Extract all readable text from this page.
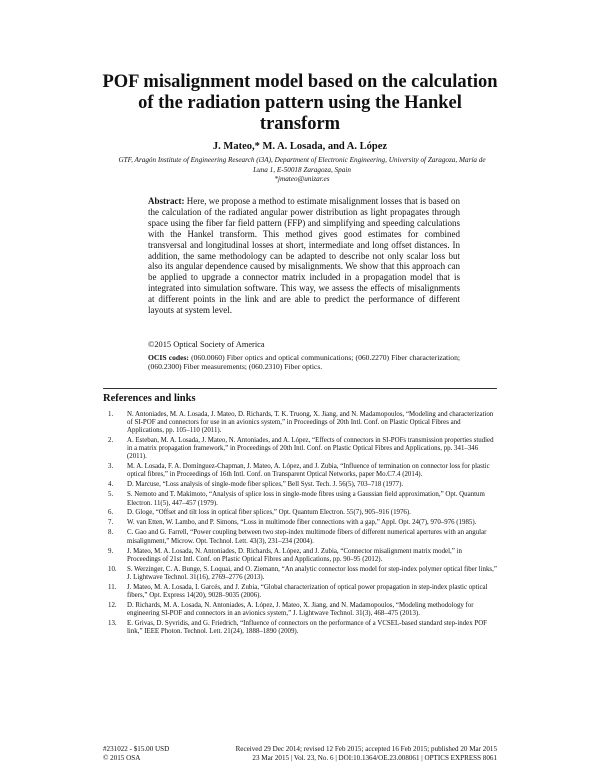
POF misalignment model based on the calculation of the radiation pattern using the Hankel transform
J. Mateo,* M. A. Losada, and A. López
GTF, Aragón Institute of Engineering Research (i3A), Department of Electronic Engineering, University of Zaragoza, María de Luna 1, E-50018 Zaragoza, Spain
*jmateo@unizar.es
Abstract: Here, we propose a method to estimate misalignment losses that is based on the calculation of the radiated angular power distribution as light propagates through space using the fiber far field pattern (FFP) and simplifying and speeding calculations with the Hankel transform. This method gives good estimates for combined transversal and longitudinal losses at short, intermediate and long offset distances. In addition, the same methodology can be adapted to describe not only scalar loss but also its angular dependence caused by misalignments. We show that this approach can be applied to upgrade a connector matrix included in a propagation model that is integrated into simulation software. This way, we assess the effects of misalignments at different points in the link and are able to predict the performance of different layouts at system level.
©2015 Optical Society of America
OCIS codes: (060.0060) Fiber optics and optical communications; (060.2270) Fiber characterization; (060.2300) Fiber measurements; (060.2310) Fiber optics.
References and links
1.	N. Antoniades, M. A. Losada, J. Mateo, D. Richards, T. K. Truong, X. Jiang, and N. Madamopoulos, “Modeling and characterization of SI-POF and connectors for use in an avionics system,” in Proceedings of 20th Intl. Conf. on Plastic Optical Fibres and Applications, pp. 105–110 (2011).
2.	A. Esteban, M. A. Losada, J. Mateo, N. Antoniades, and A. López, “Effects of connectors in SI-POFs transmission properties studied in a matrix propagation framework,” in Proceedings of 20th Intl. Conf. on Plastic Optical Fibres and Applications, pp. 341–346 (2011).
3.	M. A. Losada, F. A. Domínguez-Chapman, J. Mateo, A. López, and J. Zubia, “Influence of termination on connector loss for plastic optical fibres,” in Proceedings of 16th Intl. Conf. on Transparent Optical Networks, paper Mo.C7.4 (2014).
4.	D. Marcuse, “Loss analysis of single-mode fiber splices,” Bell Syst. Tech. J. 56(5), 703–718 (1977).
5.	S. Nemoto and T. Makimoto, “Analysis of splice loss in single-mode fibres using a Gaussian field approximation,” Opt. Quantum Electron. 11(5), 447–457 (1979).
6.	D. Gloge, “Offset and tilt loss in optical fiber splices,” Opt. Quantum Electron. 55(7), 905–916 (1976).
7.	W. van Etten, W. Lambo, and P. Simons, “Loss in multimode fiber connections with a gap,” Appl. Opt. 24(7), 970–976 (1985).
8.	C. Gao and G. Farrell, “Power coupling between two step-index multimode fibers of different numerical apertures with an angular misalignment,” Microw. Opt. Technol. Lett. 43(3), 231–234 (2004).
9.	J. Mateo, M. A. Losada, N. Antoniades, D. Richards, A. López, and J. Zubia, “Connector misalignment matrix model,” in Proceedings of 21st Intl. Conf. on Plastic Optical Fibres and Applications, pp. 90–95 (2012).
10.	S. Werzinger, C. A. Bunge, S. Loquai, and O. Ziemann, “An analytic connector loss model for step-index polymer optical fiber links,” J. Lightwave Technol. 31(16), 2769–2776 (2013).
11.	J. Mateo, M. A. Losada, I. Garcés, and J. Zubia, “Global characterization of optical power propagation in step-index plastic optical fibers,” Opt. Express 14(20), 9028–9035 (2006).
12.	D. Richards, M. A. Losada, N. Antoniades, A. López, J. Mateo, X. Jiang, and N. Madamopoulos, “Modeling methodology for engineering SI-POF and connectors in an avionics system,” J. Lightwave Technol. 31(3), 468–475 (2013).
13.	E. Grivas, D. Syvridis, and G. Friedrich, “Influence of connectors on the performance of a VCSEL-based standard step-index POF link,” IEEE Photon. Technol. Lett. 21(24), 1888–1890 (2009).
#231022 - $15.00 USD	Received 29 Dec 2014; revised 12 Feb 2015; accepted 16 Feb 2015; published 20 Mar 2015
© 2015 OSA	23 Mar 2015 | Vol. 23, No. 6 | DOI:10.1364/OE.23.008061 | OPTICS EXPRESS 8061
